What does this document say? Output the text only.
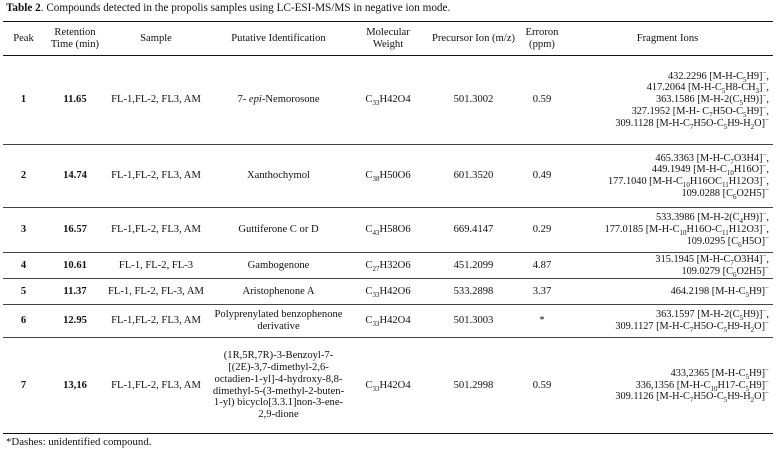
Table 2. Compounds detected in the propolis samples using LC-ESI-MS/MS in negative ion mode.
Peak	Retention Time (min)	Sample	Putative Identification	Molecular Weight	Precursor Ion (m/z)	Erroron (ppm)	Fragment Ions
1	11.65	FL-1,FL-2, FL3, AM	7- epi-Nemorosone	$C_{33}H42O4$	501.3002	0.59	432.2296 $[M-H-C_5H9]^-$,
417.2064 $[M-H-C_5H8-CH_3]^-$,
363.1586 $[M-H-2(C_5H9)]^-$,
327.1952 [M-H- $C_7H5O-C_5H9]^-$,
309.1128 $[M-H-C_7H5O-C_5H9-H_2O]^-$

2	14.74	FL-1,FL-2, FL3, AM	Xanthochymol	$C_{38}H50O6$	601.3520	0.49	465.3363 $[M-H-C_7O3H4]^-$,
449.1949 $[M-H-C_{10}H16O]^-$,
177.1040 $[M-H-C_{10}H16OC_{11}H12O3]^-$,
109.0288 $[C_6O2H5]^-$

3	16.57	FL-1,FL-2, FL3, AM	Guttiferone C or D	$C_{43}H58O6$	669.4147	0.29	533.3986 $[M-H-2(C_4H9)]^-$,
177.0185 $[M-H-C_{10}H16O-C_{11}H12O3]^-$,
109.0295 $[C_6H5O]^-$

4	10.61	FL-1, FL-2, FL-3	Gambogenone	$C_{27}H32O6$	451.2099	4.87	315.1945 $[M-H-C_7O3H4]^-$,
109.0279 $[C_6O2H5]^-$

5	11.37	FL-1, FL-2, FL-3, AM	Aristophenone A	$C_{33}H42O6$	533.2898	3.37	464.2198 $[M-H-C_5H9]^-$

6	12.95	FL-1,FL-2, FL3, AM	Polyprenylated benzophenone derivative	$C_{33}H42O4$	501.3003	*	363.1597 $[M-H-2(C_5H9)]^-$,
309.1127 $[M-H-C_7H5O-C_5H9-H_2O]^-$

7	13,16	FL-1,FL-2, FL3, AM	(1R,5R,7R)-3-Benzoyl-7-[(2E)-3,7-dimethyl-2,6-octadien-1-yl]-4-hydroxy-8,8-dimethyl-5-(3-methyl-2-buten-1-yl) bicyclo[3.3.1]non-3-ene-2,9-dione	$C_{33}H42O4$	501.2998	0.59	433,2365 $[M-H-C_5H9]^-$
336,1356 $[M-H-C_{10}H17-C_5H9]^-$
309.1126 $[M-H-C_7H5O-C_5H9-H_2O]^-$
*Dashes: unidentified compound.
